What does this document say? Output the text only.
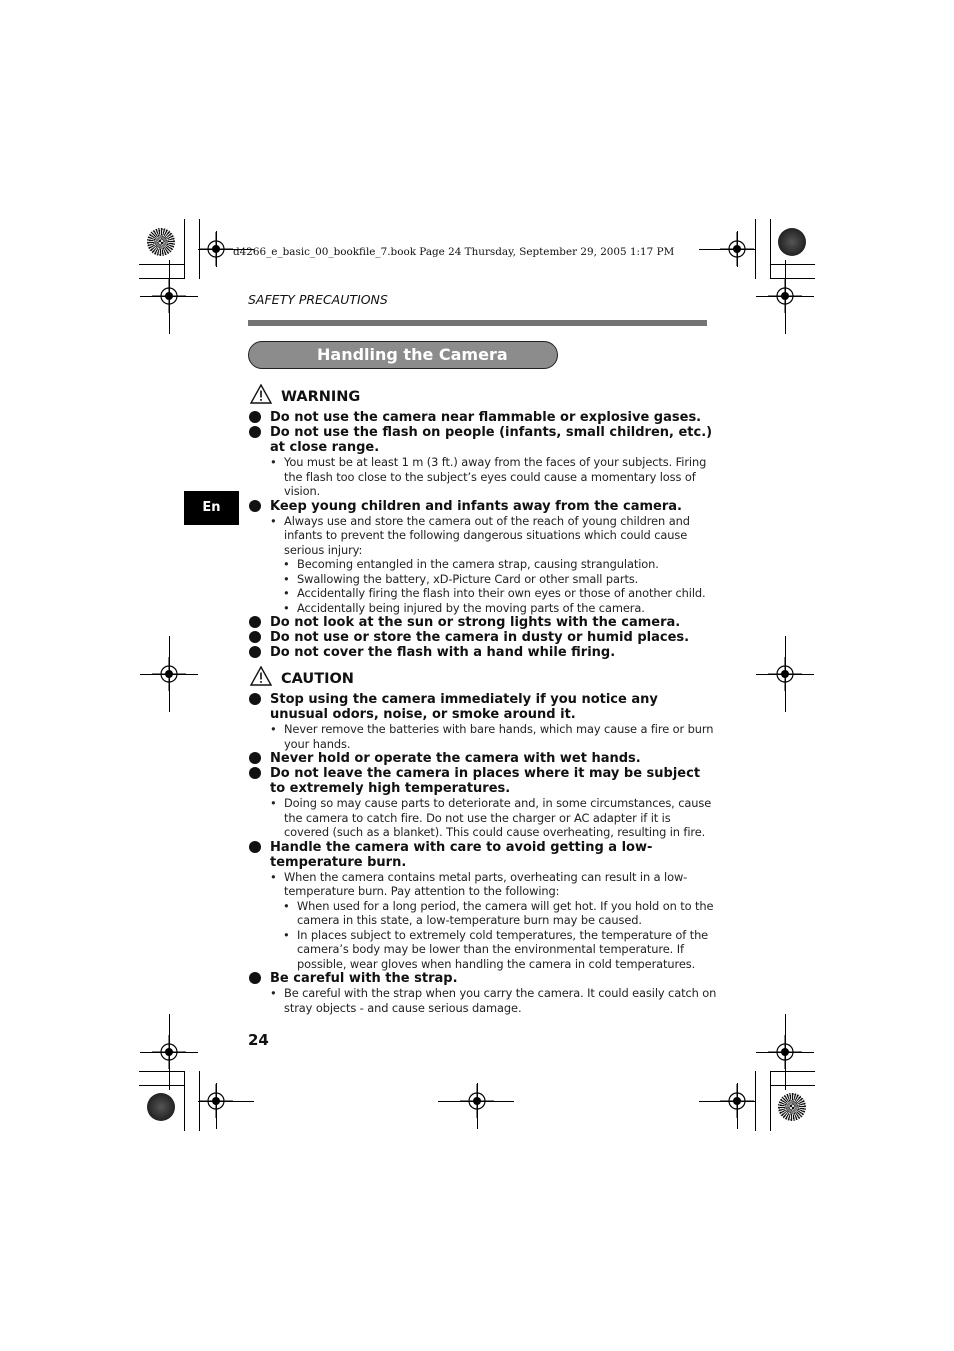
d4266_e_basic_00_bookfile_7.book Page 24 Thursday, September 29, 2005 1:17 PM
SAFETY PRECAUTIONS
Handling the Camera
En
WARNING
Do not use the camera near flammable or explosive gases.
Do not use the flash on people (infants, small children, etc.) at close range.
• You must be at least 1 m (3 ft.) away from the faces of your subjects. Firing the flash too close to the subject’s eyes could cause a momentary loss of vision.
Keep young children and infants away from the camera.
• Always use and store the camera out of the reach of young children and infants to prevent the following dangerous situations which could cause serious injury:
• Becoming entangled in the camera strap, causing strangulation.
• Swallowing the battery, xD-Picture Card or other small parts.
• Accidentally firing the flash into their own eyes or those of another child.
• Accidentally being injured by the moving parts of the camera.
Do not look at the sun or strong lights with the camera.
Do not use or store the camera in dusty or humid places.
Do not cover the flash with a hand while firing.
CAUTION
Stop using the camera immediately if you notice any unusual odors, noise, or smoke around it.
• Never remove the batteries with bare hands, which may cause a fire or burn your hands.
Never hold or operate the camera with wet hands.
Do not leave the camera in places where it may be subject to extremely high temperatures.
• Doing so may cause parts to deteriorate and, in some circumstances, cause the camera to catch fire. Do not use the charger or AC adapter if it is covered (such as a blanket). This could cause overheating, resulting in fire.
Handle the camera with care to avoid getting a low-temperature burn.
• When the camera contains metal parts, overheating can result in a low-temperature burn. Pay attention to the following:
• When used for a long period, the camera will get hot. If you hold on to the camera in this state, a low-temperature burn may be caused.
• In places subject to extremely cold temperatures, the temperature of the camera’s body may be lower than the environmental temperature. If possible, wear gloves when handling the camera in cold temperatures.
Be careful with the strap.
• Be careful with the strap when you carry the camera. It could easily catch on stray objects - and cause serious damage.
24
